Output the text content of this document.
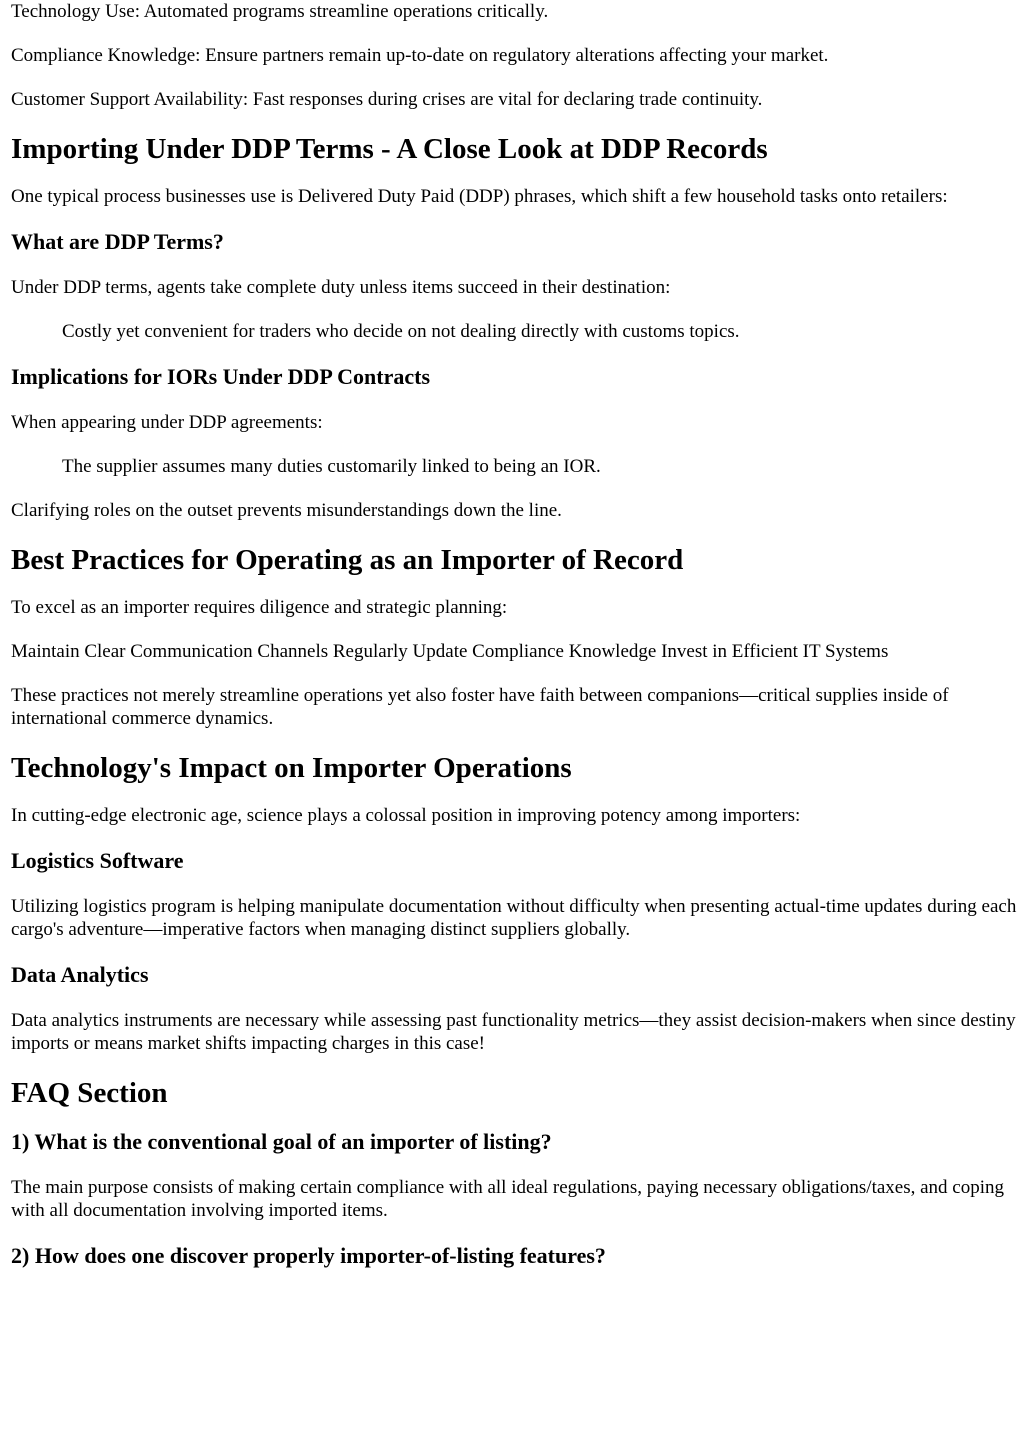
Technology Use: Automated programs streamline operations critically.

Compliance Knowledge: Ensure partners remain up-to-date on regulatory alterations affecting your market.

Customer Support Availability: Fast responses during crises are vital for declaring trade continuity.

Importing Under DDP Terms - A Close Look at DDP Records

One typical process businesses use is Delivered Duty Paid (DDP) phrases, which shift a few household tasks onto retailers:

What are DDP Terms?

Under DDP terms, agents take complete duty unless items succeed in their destination:

Costly yet convenient for traders who decide on not dealing directly with customs topics.
Implications for IORs Under DDP Contracts

When appearing under DDP agreements:

The supplier assumes many duties customarily linked to being an IOR.

Clarifying roles on the outset prevents misunderstandings down the line.

Best Practices for Operating as an Importer of Record

To excel as an importer requires diligence and strategic planning:

Maintain Clear Communication Channels Regularly Update Compliance Knowledge Invest in Efficient IT Systems

These practices not merely streamline operations yet also foster have faith between companions—critical supplies inside of international commerce dynamics.

Technology's Impact on Importer Operations

In cutting-edge electronic age, science plays a colossal position in improving potency among importers:

Logistics Software

Utilizing logistics program is helping manipulate documentation without difficulty when presenting actual-time updates during each cargo's adventure—imperative factors when managing distinct suppliers globally.

Data Analytics

Data analytics instruments are necessary while assessing past functionality metrics—they assist decision-makers when since destiny imports or means market shifts impacting charges in this case!

FAQ Section
1) What is the conventional goal of an importer of listing?

The main purpose consists of making certain compliance with all ideal regulations, paying necessary obligations/taxes, and coping with all documentation involving imported items.

2) How does one discover properly importer-of-listing features?
